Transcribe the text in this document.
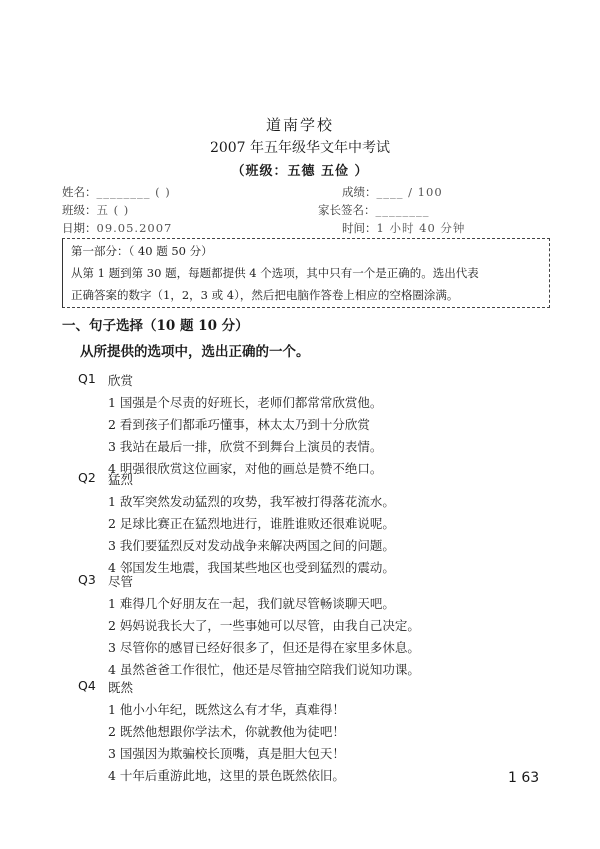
道南学校
2007 年五年级华文年中考试
（班级：五德 五俭 ）
姓名：________ ( )	成绩：____ / 100
班级：五 ( )	家长签名：________
日期：09.05.2007	时间：1 小时 40 分钟
第一部分：（ 40 题 50 分）
从第 1 题到第 30 题，每题都提供 4 个选项，其中只有一个是正确的。选出代表
正确答案的数字（1，2，3 或 4），然后把电脑作答卷上相应的空格圈涂满。
一、句子选择（10 题 10 分）
从所提供的选项中，选出正确的一个。
Q1 欣赏
1 国强是个尽责的好班长，老师们都常常欣赏他。
2 看到孩子们都乖巧懂事，林太太乃到十分欣赏
3 我站在最后一排，欣赏不到舞台上演员的表情。
4 明强很欣赏这位画家，对他的画总是赞不绝口。
Q2 猛烈
1 敌军突然发动猛烈的攻势，我军被打得落花流水。
2 足球比赛正在猛烈地进行，谁胜谁败还很难说呢。
3 我们要猛烈反对发动战争来解决两国之间的问题。
4 邻国发生地震，我国某些地区也受到猛烈的震动。
Q3 尽管
1 难得几个好朋友在一起，我们就尽管畅谈聊天吧。
2 妈妈说我长大了，一些事她可以尽管，由我自己决定。
3 尽管你的感冒已经好很多了，但还是得在家里多休息。
4 虽然爸爸工作很忙，他还是尽管抽空陪我们说知功课。
Q4 既然
1 他小小年纪，既然这么有才华，真难得！
2 既然他想跟你学法术，你就教他为徒吧！
3 国强因为欺骗校长顶嘴，真是胆大包天！
4 十年后重游此地，这里的景色既然依旧。	1 63
